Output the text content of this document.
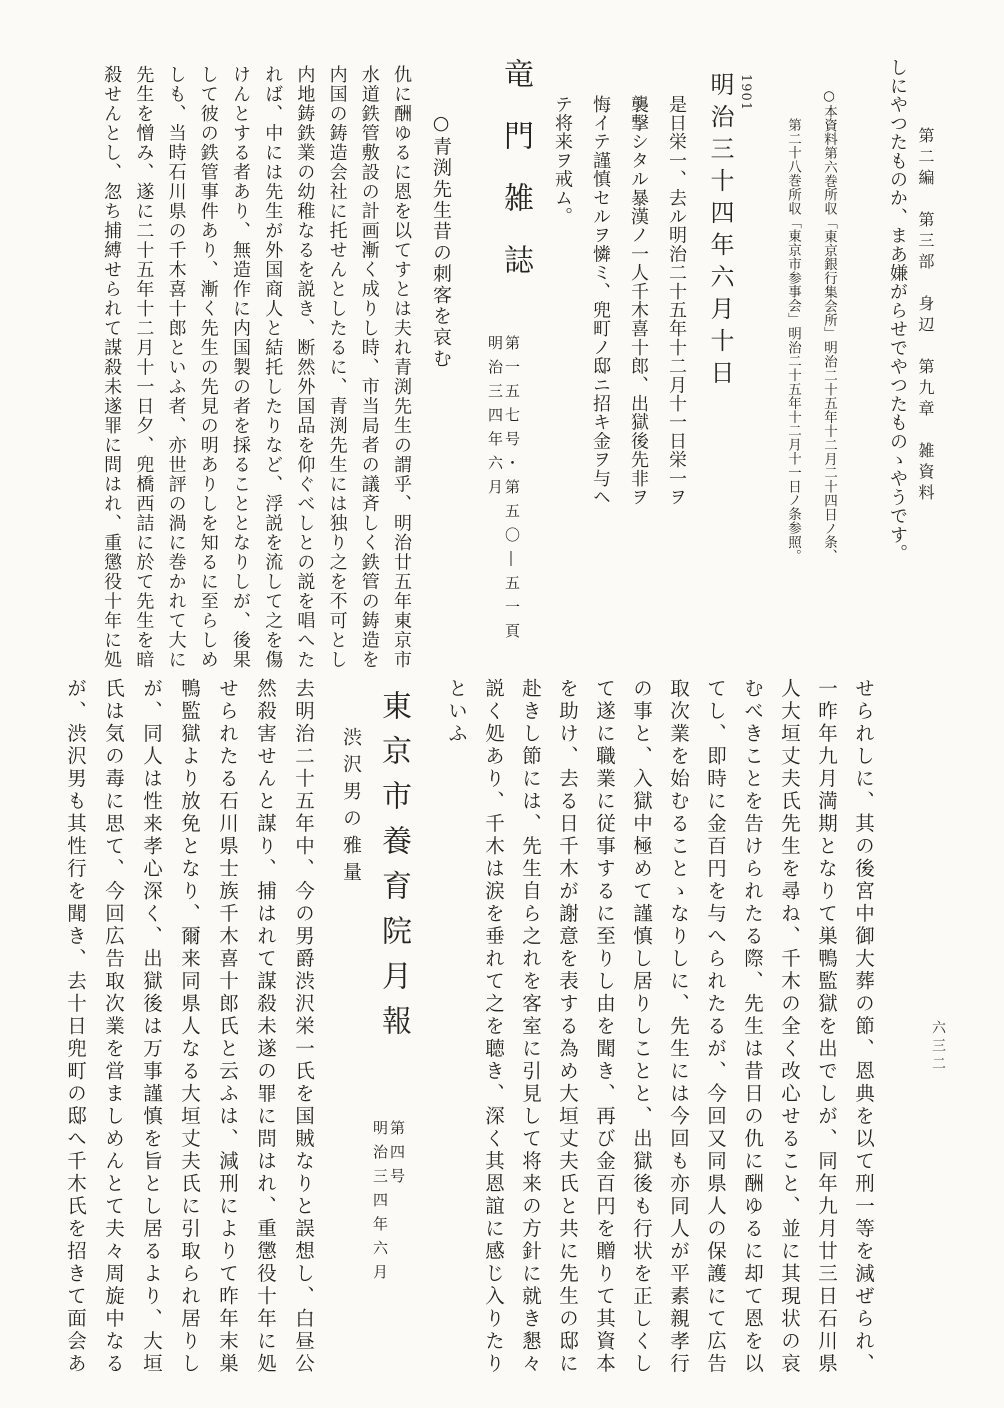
第二編　第三部　身辺　第九章　雑資料
六三二
しにやつたものか、まあ嫌がらせでやつたものゝやうです。
○本資料第六巻所収「東京銀行集会所」明治二十五年十二月二十四日ノ条、
第二十八巻所収「東京市参事会」明治二十五年十二月十一日ノ条参照。
1901
明治三十四年六月十日
是日栄一、去ル明治二十五年十二月十一日栄一ヲ
襲撃シタル暴漢ノ一人千木喜十郎、出獄後先非ヲ
悔イテ謹慎セルヲ憐ミ、兜町ノ邸ニ招キ金ヲ与ヘ
テ将来ヲ戒ム。
竜門雑誌
第一五七号・第五〇―五一頁
明治三四年六月
○青渕先生昔の刺客を哀む
仇に酬ゆるに恩を以てすとは夫れ青渕先生の謂乎、明治廿五年東京市
水道鉄管敷設の計画漸く成りし時、市当局者の議斉しく鉄管の鋳造を
内国の鋳造会社に托せんとしたるに、青渕先生には独り之を不可とし
内地鋳鉄業の幼稚なるを説き、断然外国品を仰ぐべしとの説を唱へた
れば、中には先生が外国商人と結托したりなど、浮説を流して之を傷
けんとする者あり、無造作に内国製の者を採ることとなりしが、後果
して彼の鉄管事件あり、漸く先生の先見の明ありしを知るに至らしめ
しも、当時石川県の千木喜十郎といふ者、亦世評の渦に巻かれて大に
先生を憎み、遂に二十五年十二月十一日夕、兜橋西詰に於て先生を暗
殺せんとし、忽ち捕縛せられて謀殺未遂罪に問はれ、重懲役十年に処
せられしに、其の後宮中御大葬の節、恩典を以て刑一等を減ぜられ、
一昨年九月満期となりて巣鴨監獄を出でしが、同年九月廿三日石川県
人大垣丈夫氏先生を尋ね、千木の全く改心せること、並に其現状の哀
むべきことを告けられたる際、先生は昔日の仇に酬ゆるに却て恩を以
てし、即時に金百円を与へられたるが、今回又同県人の保護にて広告
取次業を始むることゝなりしに、先生には今回も亦同人が平素親孝行
の事と、入獄中極めて謹慎し居りしことと、出獄後も行状を正しくし
て遂に職業に従事するに至りし由を聞き、再び金百円を贈りて其資本
を助け、去る日千木が謝意を表する為め大垣丈夫氏と共に先生の邸に
赴きし節には、先生自ら之れを客室に引見して将来の方針に就き懇々
説く処あり、千木は涙を垂れて之を聴き、深く其恩誼に感じ入りたり
といふ
東京市養育院月報
第四号
明治三四年六月
渋沢男の雅量
去明治二十五年中、今の男爵渋沢栄一氏を国賊なりと誤想し、白昼公
然殺害せんと謀り、捕はれて謀殺未遂の罪に問はれ、重懲役十年に処
せられたる石川県士族千木喜十郎氏と云ふは、減刑によりて昨年末巣
鴨監獄より放免となり、爾来同県人なる大垣丈夫氏に引取られ居りし
が、同人は性来孝心深く、出獄後は万事謹慎を旨とし居るより、大垣
氏は気の毒に思て、今回広告取次業を営ましめんとて夫々周旋中なる
が、渋沢男も其性行を聞き、去十日兜町の邸へ千木氏を招きて面会あ
